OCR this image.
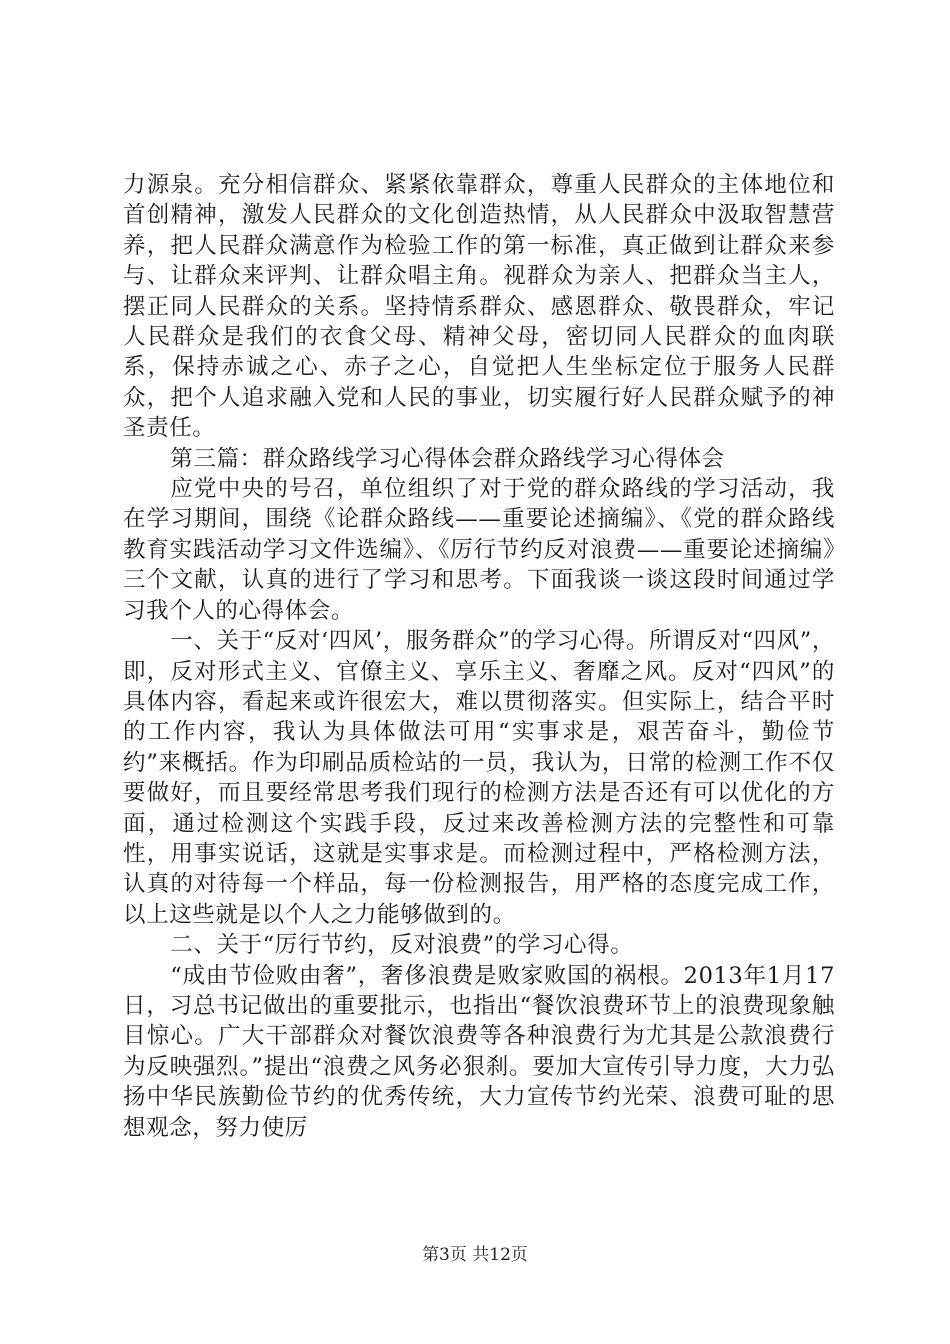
力源泉。充分相信群众、紧紧依靠群众，尊重人民群众的主体地位和首创精神，激发人民群众的文化创造热情，从人民群众中汲取智慧营养，把人民群众满意作为检验工作的第一标准，真正做到让群众来参与、让群众来评判、让群众唱主角。视群众为亲人、把群众当主人，摆正同人民群众的关系。坚持情系群众、感恩群众、敬畏群众，牢记人民群众是我们的衣食父母、精神父母，密切同人民群众的血肉联系，保持赤诚之心、赤子之心，自觉把人生坐标定位于服务人民群众，把个人追求融入党和人民的事业，切实履行好人民群众赋予的神圣责任。

第三篇：群众路线学习心得体会群众路线学习心得体会

应党中央的号召，单位组织了对于党的群众路线的学习活动，我在学习期间，围绕《论群众路线——重要论述摘编》、《党的群众路线教育实践活动学习文件选编》、《厉行节约反对浪费——重要论述摘编》三个文献，认真的进行了学习和思考。下面我谈一谈这段时间通过学习我个人的心得体会。

一、关于“反对‘四风’，服务群众”的学习心得。所谓反对“四风”，即，反对形式主义、官僚主义、享乐主义、奢靡之风。反对“四风”的具体内容，看起来或许很宏大，难以贯彻落实。但实际上，结合平时的工作内容，我认为具体做法可用“实事求是，艰苦奋斗，勤俭节约”来概括。作为印刷品质检站的一员，我认为，日常的检测工作不仅要做好，而且要经常思考我们现行的检测方法是否还有可以优化的方面，通过检测这个实践手段，反过来改善检测方法的完整性和可靠性，用事实说话，这就是实事求是。而检测过程中，严格检测方法，认真的对待每一个样品，每一份检测报告，用严格的态度完成工作，以上这些就是以个人之力能够做到的。

二、关于“厉行节约，反对浪费”的学习心得。

“成由节俭败由奢”，奢侈浪费是败家败国的祸根。2013年1月17日，习总书记做出的重要批示，也指出“餐饮浪费环节上的浪费现象触目惊心。广大干部群众对餐饮浪费等各种浪费行为尤其是公款浪费行为反映强烈。”提出“浪费之风务必狠刹。要加大宣传引导力度，大力弘扬中华民族勤俭节约的优秀传统，大力宣传节约光荣、浪费可耻的思想观念，努力使厉

第3页 共12页
